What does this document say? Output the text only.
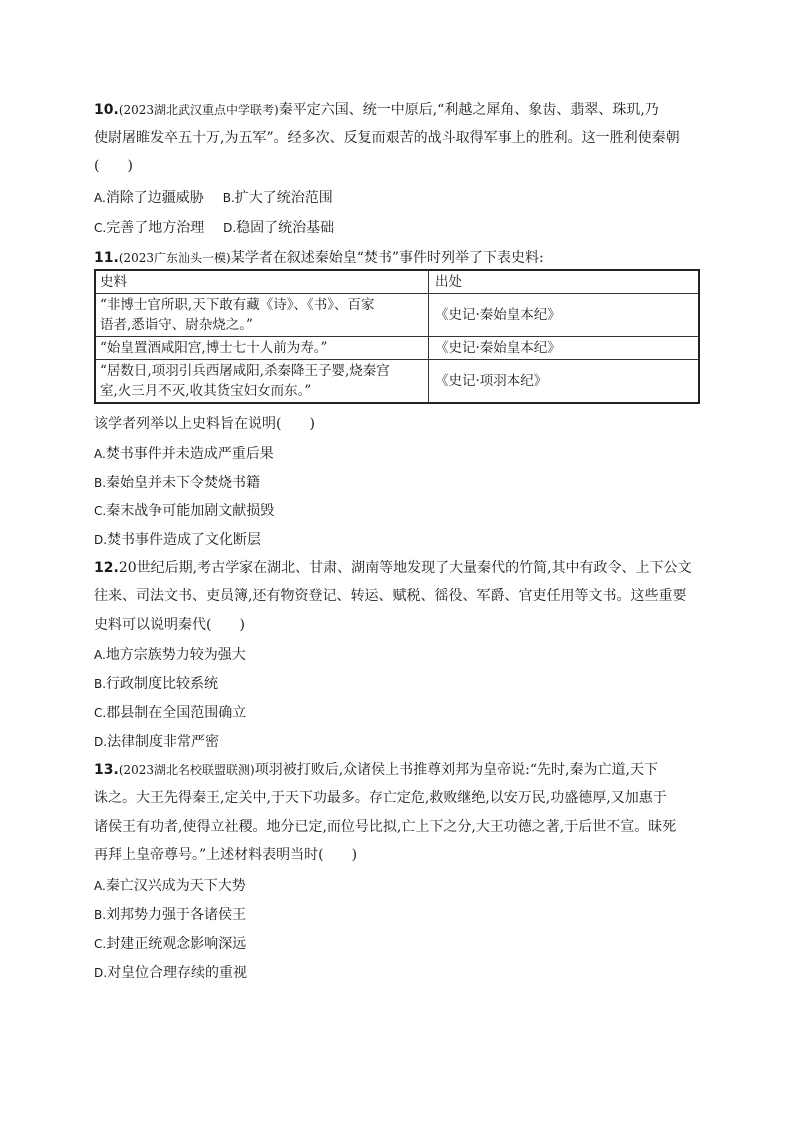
10.(2023湖北武汉重点中学联考)秦平定六国、统一中原后,“利越之犀角、象齿、翡翠、珠玑,乃
使尉屠睢发卒五十万,为五军”。经多次、反复而艰苦的战斗取得军事上的胜利。这一胜利使秦朝
(　　)
A.消除了边疆威胁 B.扩大了统治范围
C.完善了地方治理 D.稳固了统治基础
11.(2023广东汕头一模)某学者在叙述秦始皇“焚书”事件时列举了下表史料:
史料	出处

“非博士官所职,天下敢有藏《诗》、《书》、百家
语者,悉诣守、尉杂烧之。”	《史记·秦始皇本纪》

“始皇置酒咸阳宫,博士七十人前为寿。”	《史记·秦始皇本纪》

“居数日,项羽引兵西屠咸阳,杀秦降王子婴,烧秦宫
室,火三月不灭,收其货宝妇女而东。”	《史记·项羽本纪》
该学者列举以上史料旨在说明(　　)
A.焚书事件并未造成严重后果
B.秦始皇并未下令焚烧书籍
C.秦末战争可能加剧文献损毁
D.焚书事件造成了文化断层
12.20世纪后期,考古学家在湖北、甘肃、湖南等地发现了大量秦代的竹简,其中有政令、上下公文
往来、司法文书、吏员簿,还有物资登记、转运、赋税、徭役、军爵、官吏任用等文书。这些重要
史料可以说明秦代(　　)
A.地方宗族势力较为强大
B.行政制度比较系统
C.郡县制在全国范围确立
D.法律制度非常严密
13.(2023湖北名校联盟联测)项羽被打败后,众诸侯上书推尊刘邦为皇帝说:“先时,秦为亡道,天下
诛之。大王先得秦王,定关中,于天下功最多。存亡定危,救败继绝,以安万民,功盛德厚,又加惠于
诸侯王有功者,使得立社稷。地分已定,而位号比拟,亡上下之分,大王功德之著,于后世不宣。昧死
再拜上皇帝尊号。”上述材料表明当时(　　)
A.秦亡汉兴成为天下大势
B.刘邦势力强于各诸侯王
C.封建正统观念影响深远
D.对皇位合理存续的重视
